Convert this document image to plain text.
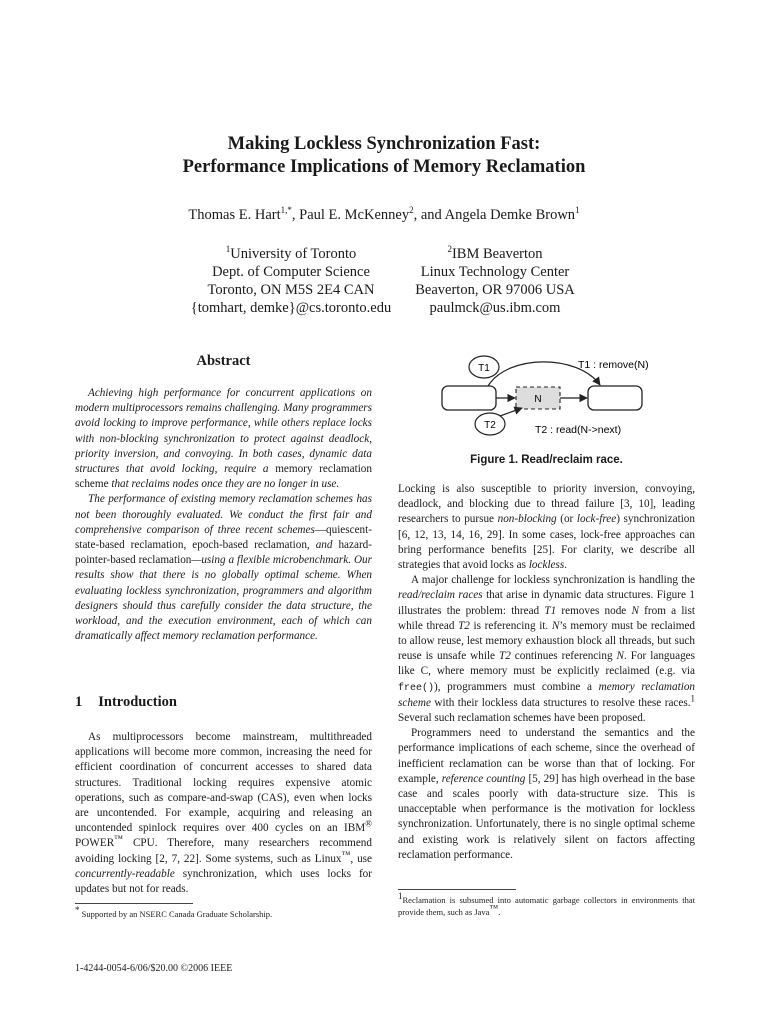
Making Lockless Synchronization Fast:
Performance Implications of Memory Reclamation
Thomas E. Hart$^{1,*}$, Paul E. McKenney$^2$, and Angela Demke Brown$^1$
$^1$University of Toronto
Dept. of Computer Science
Toronto, ON M5S 2E4 CAN
{tomhart, demke}@cs.toronto.edu
$^2$IBM Beaverton
Linux Technology Center
Beaverton, OR 97006 USA
paulmck@us.ibm.com
Abstract

Achieving high performance for concurrent applications on modern multiprocessors remains challenging. Many programmers avoid locking to improve performance, while others replace locks with non-blocking synchronization to protect against deadlock, priority inversion, and convoying. In both cases, dynamic data structures that avoid locking, require a memory reclamation scheme that reclaims nodes once they are no longer in use.

The performance of existing memory reclamation schemes has not been thoroughly evaluated. We conduct the first fair and comprehensive comparison of three recent schemes—quiescent-state-based reclamation, epoch-based reclamation, and hazard-pointer-based reclamation—using a flexible microbenchmark. Our results show that there is no globally optimal scheme. When evaluating lockless synchronization, programmers and algorithm designers should thus carefully consider the data structure, the workload, and the execution environment, each of which can dramatically affect memory reclamation performance.

1 Introduction

As multiprocessors become mainstream, multithreaded applications will become more common, increasing the need for efficient coordination of concurrent accesses to shared data structures. Traditional locking requires expensive atomic operations, such as compare-and-swap (CAS), even when locks are uncontended. For example, acquiring and releasing an uncontended spinlock requires over 400 cycles on an IBM® POWER™ CPU. Therefore, many researchers recommend avoiding locking [2, 7, 22]. Some systems, such as Linux™, use concurrently-readable synchronization, which uses locks for updates but not for reads.

* Supported by an NSERC Canada Graduate Scholarship.
1-4244-0054-6/06/$20.00 ©2006 IEEE
N
T1
T2
T1 : remove(N)
T2 : read(N->next)
Figure 1. Read/reclaim race.

Locking is also susceptible to priority inversion, convoying, deadlock, and blocking due to thread failure [3, 10], leading researchers to pursue non-blocking (or lock-free) synchronization [6, 12, 13, 14, 16, 29]. In some cases, lock-free approaches can bring performance benefits [25]. For clarity, we describe all strategies that avoid locks as lockless.

A major challenge for lockless synchronization is handling the read/reclaim races that arise in dynamic data structures. Figure 1 illustrates the problem: thread T1 removes node N from a list while thread T2 is referencing it. N’s memory must be reclaimed to allow reuse, lest memory exhaustion block all threads, but such reuse is unsafe while T2 continues referencing N. For languages like C, where memory must be explicitly reclaimed (e.g. via free()), programmers must combine a memory reclamation scheme with their lockless data structures to resolve these races.$^1$ Several such reclamation schemes have been proposed.

Programmers need to understand the semantics and the performance implications of each scheme, since the overhead of inefficient reclamation can be worse than that of locking. For example, reference counting [5, 29] has high overhead in the base case and scales poorly with data-structure size. This is unacceptable when performance is the motivation for lockless synchronization. Unfortunately, there is no single optimal scheme and existing work is relatively silent on factors affecting reclamation performance.

$^1$Reclamation is subsumed into automatic garbage collectors in environments that provide them, such as Java™.
